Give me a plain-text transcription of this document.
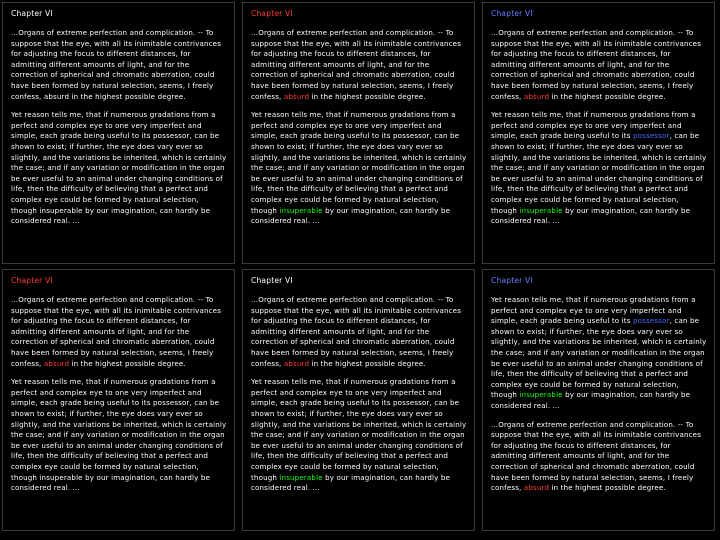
Chapter VI
...Organs of extreme perfection and complication. -- To suppose that the eye, with all its inimitable contrivances for adjusting the focus to different distances, for admitting different amounts of light, and for the correction of spherical and chromatic aberration, could have been formed by natural selection, seems, I freely confess, absurd in the highest possible degree.
Yet reason tells me, that if numerous gradations from a perfect and complex eye to one very imperfect and simple, each grade being useful to its possessor, can be shown to exist; if further, the eye does vary ever so slightly, and the variations be inherited, which is certainly the case; and if any variation or modification in the organ be ever useful to an animal under changing conditions of life, then the difficulty of believing that a perfect and complex eye could be formed by natural selection, though insuperable by our imagination, can hardly be considered real. ...
Chapter VI
...Organs of extreme perfection and complication. -- To suppose that the eye, with all its inimitable contrivances for adjusting the focus to different distances, for admitting different amounts of light, and for the correction of spherical and chromatic aberration, could have been formed by natural selection, seems, I freely confess, absurd in the highest possible degree.
Yet reason tells me, that if numerous gradations from a perfect and complex eye to one very imperfect and simple, each grade being useful to its possessor, can be shown to exist; if further, the eye does vary ever so slightly, and the variations be inherited, which is certainly the case; and if any variation or modification in the organ be ever useful to an animal under changing conditions of life, then the difficulty of believing that a perfect and complex eye could be formed by natural selection, though insuperable by our imagination, can hardly be considered real. ...
Chapter VI
...Organs of extreme perfection and complication. -- To suppose that the eye, with all its inimitable contrivances for adjusting the focus to different distances, for admitting different amounts of light, and for the correction of spherical and chromatic aberration, could have been formed by natural selection, seems, I freely confess, absurd in the highest possible degree.
Yet reason tells me, that if numerous gradations from a perfect and complex eye to one very imperfect and simple, each grade being useful to its possessor, can be shown to exist; if further, the eye does vary ever so slightly, and the variations be inherited, which is certainly the case; and if any variation or modification in the organ be ever useful to an animal under changing conditions of life, then the difficulty of believing that a perfect and complex eye could be formed by natural selection, though insuperable by our imagination, can hardly be considered real. ...
Chapter VI
...Organs of extreme perfection and complication. -- To suppose that the eye, with all its inimitable contrivances for adjusting the focus to different distances, for admitting different amounts of light, and for the correction of spherical and chromatic aberration, could have been formed by natural selection, seems, I freely confess, absurd in the highest possible degree.
Yet reason tells me, that if numerous gradations from a perfect and complex eye to one very imperfect and simple, each grade being useful to its possessor, can be shown to exist; if further, the eye does vary ever so slightly, and the variations be inherited, which is certainly the case; and if any variation or modification in the organ be ever useful to an animal under changing conditions of life, then the difficulty of believing that a perfect and complex eye could be formed by natural selection, though insuperable by our imagination, can hardly be considered real. ...
Chapter VI
...Organs of extreme perfection and complication. -- To suppose that the eye, with all its inimitable contrivances for adjusting the focus to different distances, for admitting different amounts of light, and for the correction of spherical and chromatic aberration, could have been formed by natural selection, seems, I freely confess, absurd in the highest possible degree.
Yet reason tells me, that if numerous gradations from a perfect and complex eye to one very imperfect and simple, each grade being useful to its possessor, can be shown to exist; if further, the eye does vary ever so slightly, and the variations be inherited, which is certainly the case; and if any variation or modification in the organ be ever useful to an animal under changing conditions of life, then the difficulty of believing that a perfect and complex eye could be formed by natural selection, though insuperable by our imagination, can hardly be considered real. ...
Chapter VI
Yet reason tells me, that if numerous gradations from a perfect and complex eye to one very imperfect and simple, each grade being useful to its possessor, can be shown to exist; if further, the eye does vary ever so slightly, and the variations be inherited, which is certainly the case; and if any variation or modification in the organ be ever useful to an animal under changing conditions of life, then the difficulty of believing that a perfect and complex eye could be formed by natural selection, though insuperable by our imagination, can hardly be considered real. ...
...Organs of extreme perfection and complication. -- To suppose that the eye, with all its inimitable contrivances for adjusting the focus to different distances, for admitting different amounts of light, and for the correction of spherical and chromatic aberration, could have been formed by natural selection, seems, I freely confess, absurd in the highest possible degree.
